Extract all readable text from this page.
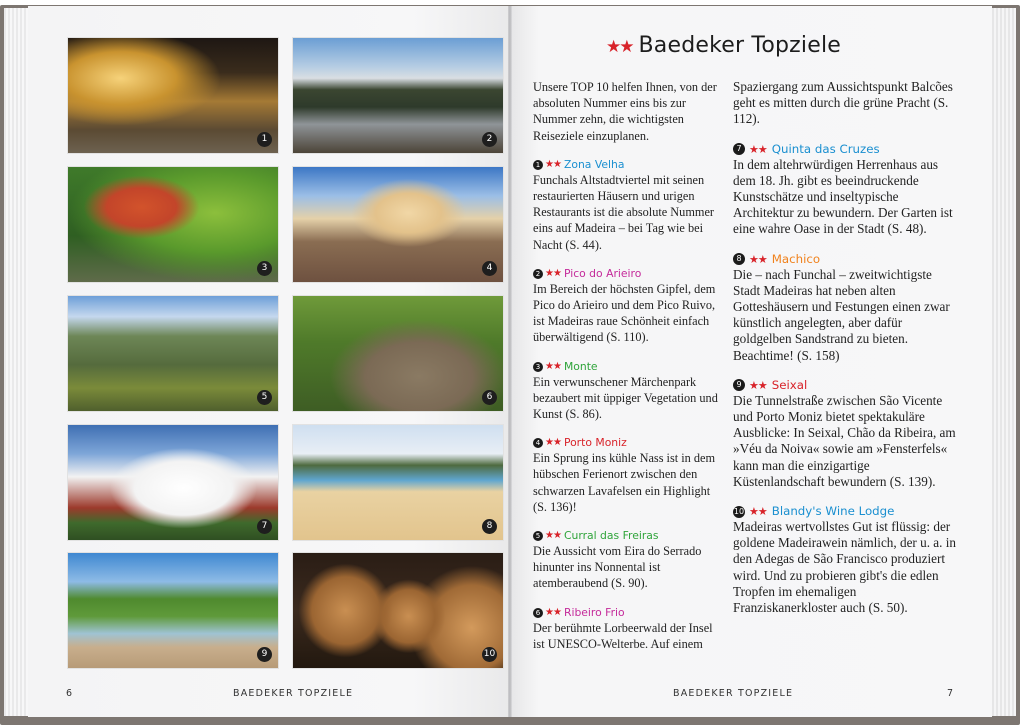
1	2
3	4
5	6
7	8
9	10
6	BAEDEKER TOPZIELE
★★ Baedeker Topziele
Unsere TOP 10 helfen Ihnen, von der absoluten Nummer eins bis zur Nummer zehn, die wichtigsten Reiseziele einzuplanen.
1 ★★ Zona Velha
Funchals Altstadtviertel mit seinen restaurierten Häusern und urigen Restaurants ist die absolute Nummer eins auf Madeira – bei Tag wie bei Nacht (S. 44).
2 ★★ Pico do Arieiro
Im Bereich der höchsten Gipfel, dem Pico do Arieiro und dem Pico Ruivo, ist Madeiras raue Schönheit einfach überwältigend (S. 110).
3 ★★ Monte
Ein verwunschener Märchenpark bezaubert mit üppiger Vegetation und Kunst (S. 86).
4 ★★ Porto Moniz
Ein Sprung ins kühle Nass ist in dem hübschen Ferienort zwischen den schwarzen Lavafelsen ein Highlight (S. 136)!
5 ★★ Curral das Freiras
Die Aussicht vom Eira do Serrado hinunter ins Nonnental ist atemberaubend (S. 90).
6 ★★ Ribeiro Frio
Der berühmte Lorbeerwald der Insel ist UNESCO-Welterbe. Auf einem
Spaziergang zum Aussichtspunkt Balcões geht es mitten durch die grüne Pracht (S. 112).
7 ★★ Quinta das Cruzes
In dem altehrwürdigen Herrenhaus aus dem 18. Jh. gibt es beeindruckende Kunstschätze und inseltypische Architektur zu bewundern. Der Garten ist eine wahre Oase in der Stadt (S. 48).
8 ★★ Machico
Die – nach Funchal – zweitwichtigste Stadt Madeiras hat neben alten Gotteshäusern und Festungen einen zwar künstlich angelegten, aber dafür goldgelben Sandstrand zu bieten. Beachtime! (S. 158)
9 ★★ Seixal
Die Tunnelstraße zwischen São Vicente und Porto Moniz bietet spektakuläre Ausblicke: In Seixal, Chão da Ribeira, am »Véu da Noiva« sowie am »Fensterfels« kann man die einzigartige Küstenlandschaft bewundern (S. 139).
10 ★★ Blandy's Wine Lodge
Madeiras wertvollstes Gut ist flüssig: der goldene Madeirawein nämlich, der u. a. in den Adegas de São Francisco produziert wird. Und zu probieren gibt's die edlen Tropfen im ehemaligen Franziskanerkloster auch (S. 50).
BAEDEKER TOPZIELE	7
